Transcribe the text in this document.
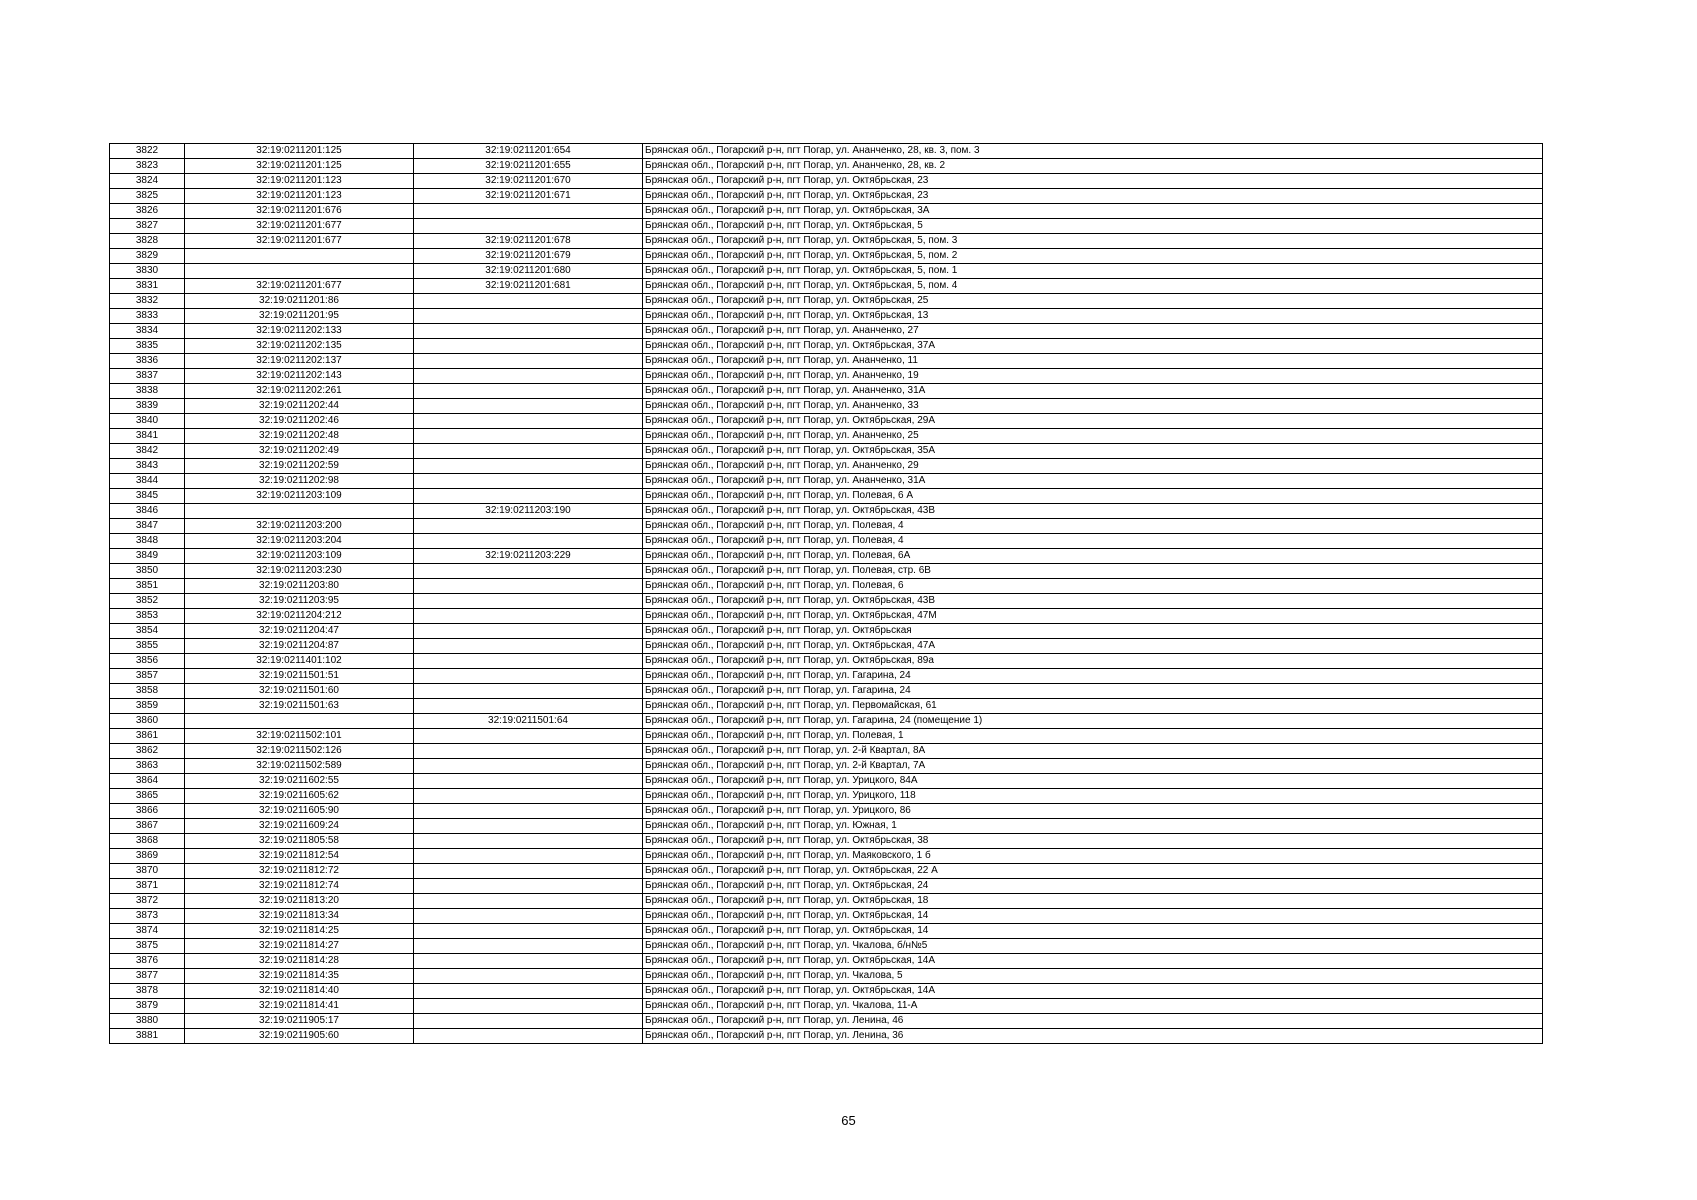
3822	32:19:0211201:125	32:19:0211201:654	Брянская обл., Погарский р-н, пгт Погар, ул. Ананченко, 28, кв. 3, пом. 3
3823	32:19:0211201:125	32:19:0211201:655	Брянская обл., Погарский р-н, пгт Погар, ул. Ананченко, 28, кв. 2
3824	32:19:0211201:123	32:19:0211201:670	Брянская обл., Погарский р-н, пгт Погар, ул. Октябрьская, 23
3825	32:19:0211201:123	32:19:0211201:671	Брянская обл., Погарский р-н, пгт Погар, ул. Октябрьская, 23
3826	32:19:0211201:676		Брянская обл., Погарский р-н, пгт Погар, ул. Октябрьская, 3А
3827	32:19:0211201:677		Брянская обл., Погарский р-н, пгт Погар, ул. Октябрьская, 5
3828	32:19:0211201:677	32:19:0211201:678	Брянская обл., Погарский р-н, пгт Погар, ул. Октябрьская, 5, пом. 3
3829		32:19:0211201:679	Брянская обл., Погарский р-н, пгт Погар, ул. Октябрьская, 5, пом. 2
3830		32:19:0211201:680	Брянская обл., Погарский р-н, пгт Погар, ул. Октябрьская, 5, пом. 1
3831	32:19:0211201:677	32:19:0211201:681	Брянская обл., Погарский р-н, пгт Погар, ул. Октябрьская, 5, пом. 4
3832	32:19:0211201:86		Брянская обл., Погарский р-н, пгт Погар, ул. Октябрьская, 25
3833	32:19:0211201:95		Брянская обл., Погарский р-н, пгт Погар, ул. Октябрьская, 13
3834	32:19:0211202:133		Брянская обл., Погарский р-н, пгт Погар, ул. Ананченко, 27
3835	32:19:0211202:135		Брянская обл., Погарский р-н, пгт Погар, ул. Октябрьская, 37А
3836	32:19:0211202:137		Брянская обл., Погарский р-н, пгт Погар, ул. Ананченко, 11
3837	32:19:0211202:143		Брянская обл., Погарский р-н, пгт Погар, ул. Ананченко, 19
3838	32:19:0211202:261		Брянская обл., Погарский р-н, пгт Погар, ул. Ананченко, 31А
3839	32:19:0211202:44		Брянская обл., Погарский р-н, пгт Погар, ул. Ананченко, 33
3840	32:19:0211202:46		Брянская обл., Погарский р-н, пгт Погар, ул. Октябрьская, 29А
3841	32:19:0211202:48		Брянская обл., Погарский р-н, пгт Погар, ул. Ананченко, 25
3842	32:19:0211202:49		Брянская обл., Погарский р-н, пгт Погар, ул. Октябрьская, 35А
3843	32:19:0211202:59		Брянская обл., Погарский р-н, пгт Погар, ул. Ананченко, 29
3844	32:19:0211202:98		Брянская обл., Погарский р-н, пгт Погар, ул. Ананченко, 31А
3845	32:19:0211203:109		Брянская обл., Погарский р-н, пгт Погар, ул. Полевая, 6 А
3846		32:19:0211203:190	Брянская обл., Погарский р-н, пгт Погар, ул. Октябрьская, 43В
3847	32:19:0211203:200		Брянская обл., Погарский р-н, пгт Погар, ул. Полевая, 4
3848	32:19:0211203:204		Брянская обл., Погарский р-н, пгт Погар, ул. Полевая, 4
3849	32:19:0211203:109	32:19:0211203:229	Брянская обл., Погарский р-н, пгт Погар, ул. Полевая, 6А
3850	32:19:0211203:230		Брянская обл., Погарский р-н, пгт Погар, ул. Полевая, стр. 6В
3851	32:19:0211203:80		Брянская обл., Погарский р-н, пгт Погар, ул. Полевая, 6
3852	32:19:0211203:95		Брянская обл., Погарский р-н, пгт Погар, ул. Октябрьская, 43В
3853	32:19:0211204:212		Брянская обл., Погарский р-н, пгт Погар, ул. Октябрьская, 47М
3854	32:19:0211204:47		Брянская обл., Погарский р-н, пгт Погар, ул. Октябрьская
3855	32:19:0211204:87		Брянская обл., Погарский р-н, пгт Погар, ул. Октябрьская, 47А
3856	32:19:0211401:102		Брянская обл., Погарский р-н, пгт Погар, ул. Октябрьская, 89а
3857	32:19:0211501:51		Брянская обл., Погарский р-н, пгт Погар, ул. Гагарина, 24
3858	32:19:0211501:60		Брянская обл., Погарский р-н, пгт Погар, ул. Гагарина, 24
3859	32:19:0211501:63		Брянская обл., Погарский р-н, пгт Погар, ул. Первомайская, 61
3860		32:19:0211501:64	Брянская обл., Погарский р-н, пгт Погар, ул. Гагарина, 24 (помещение 1)
3861	32:19:0211502:101		Брянская обл., Погарский р-н, пгт Погар, ул. Полевая, 1
3862	32:19:0211502:126		Брянская обл., Погарский р-н, пгт Погар, ул. 2-й Квартал, 8А
3863	32:19:0211502:589		Брянская обл., Погарский р-н, пгт Погар, ул. 2-й Квартал, 7А
3864	32:19:0211602:55		Брянская обл., Погарский р-н, пгт Погар, ул. Урицкого, 84А
3865	32:19:0211605:62		Брянская обл., Погарский р-н, пгт Погар, ул. Урицкого, 118
3866	32:19:0211605:90		Брянская обл., Погарский р-н, пгт Погар, ул. Урицкого, 86
3867	32:19:0211609:24		Брянская обл., Погарский р-н, пгт Погар, ул. Южная, 1
3868	32:19:0211805:58		Брянская обл., Погарский р-н, пгт Погар, ул. Октябрьская, 38
3869	32:19:0211812:54		Брянская обл., Погарский р-н, пгт Погар, ул. Маяковского, 1 б
3870	32:19:0211812:72		Брянская обл., Погарский р-н, пгт Погар, ул. Октябрьская, 22 А
3871	32:19:0211812:74		Брянская обл., Погарский р-н, пгт Погар, ул. Октябрьская, 24
3872	32:19:0211813:20		Брянская обл., Погарский р-н, пгт Погар, ул. Октябрьская, 18
3873	32:19:0211813:34		Брянская обл., Погарский р-н, пгт Погар, ул. Октябрьская, 14
3874	32:19:0211814:25		Брянская обл., Погарский р-н, пгт Погар, ул. Октябрьская, 14
3875	32:19:0211814:27		Брянская обл., Погарский р-н, пгт Погар, ул. Чкалова, б/н№5
3876	32:19:0211814:28		Брянская обл., Погарский р-н, пгт Погар, ул. Октябрьская, 14А
3877	32:19:0211814:35		Брянская обл., Погарский р-н, пгт Погар, ул. Чкалова, 5
3878	32:19:0211814:40		Брянская обл., Погарский р-н, пгт Погар, ул. Октябрьская, 14А
3879	32:19:0211814:41		Брянская обл., Погарский р-н, пгт Погар, ул. Чкалова, 11-А
3880	32:19:0211905:17		Брянская обл., Погарский р-н, пгт Погар, ул. Ленина, 46
3881	32:19:0211905:60		Брянская обл., Погарский р-н, пгт Погар, ул. Ленина, 36
65
